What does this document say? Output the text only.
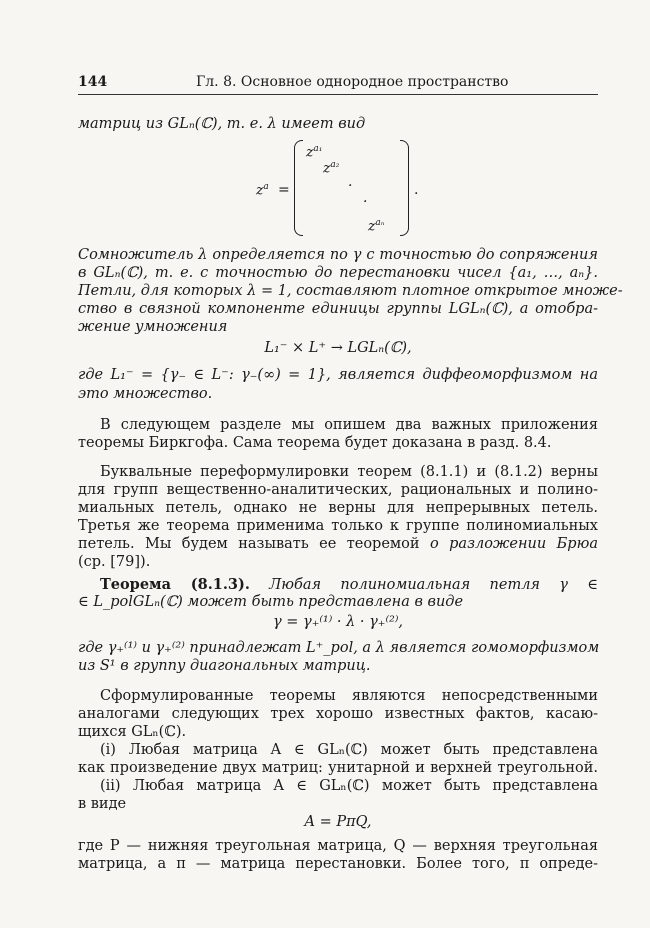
144	Гл. 8. Основное однородное пространство
матриц из GLₙ(ℂ), т. е. λ имеет вид
$z^a$ =
$z^{a_1}$
$z^{a_2}$
·
·
$z^{a_n}$
.
Сомножитель λ определяется по γ с точностью до сопряжения
в GLₙ(ℂ), т. е. с точностью до перестановки чисел {a₁, …, aₙ}.
Петли, для которых λ = 1, составляют плотное открытое множе-
ство в связной компоненте единицы группы LGLₙ(ℂ), а отобра-
жение умножения
L₁⁻ × L⁺ → LGLₙ(ℂ),
где L₁⁻ = {γ₋ ∈ L⁻: γ₋(∞) = 1}, является диффеоморфизмом на
это множество.
В следующем разделе мы опишем два важных приложения
теоремы Биркгофа. Сама теорема будет доказана в разд. 8.4.
Буквальные переформулировки теорем (8.1.1) и (8.1.2) верны
для групп вещественно-аналитических, рациональных и полино-
миальных петель, однако не верны для непрерывных петель.
Третья же теорема применима только к группе полиномиальных
петель. Мы будем называть ее теоремой о разложении Брюа
(ср. [79]).
Теорема (8.1.3). Любая полиномиальная петля γ ∈
∈ L_polGLₙ(ℂ) может быть представлена в виде
γ = γ₊⁽¹⁾ · λ · γ₊⁽²⁾,
где γ₊⁽¹⁾ и γ₊⁽²⁾ принадлежат L⁺_pol, а λ является гомоморфизмом
из S¹ в группу диагональных матриц.
Сформулированные теоремы являются непосредственными
аналогами следующих трех хорошо известных фактов, касаю-
щихся GLₙ(ℂ).
(i) Любая матрица A ∈ GLₙ(ℂ) может быть представлена
как произведение двух матриц: унитарной и верхней треугольной.
(ii) Любая матрица A ∈ GLₙ(ℂ) может быть представлена
в виде
A = PπQ,
где P — нижняя треугольная матрица, Q — верхняя треугольная
матрица, а π — матрица перестановки. Более того, π опреде-
